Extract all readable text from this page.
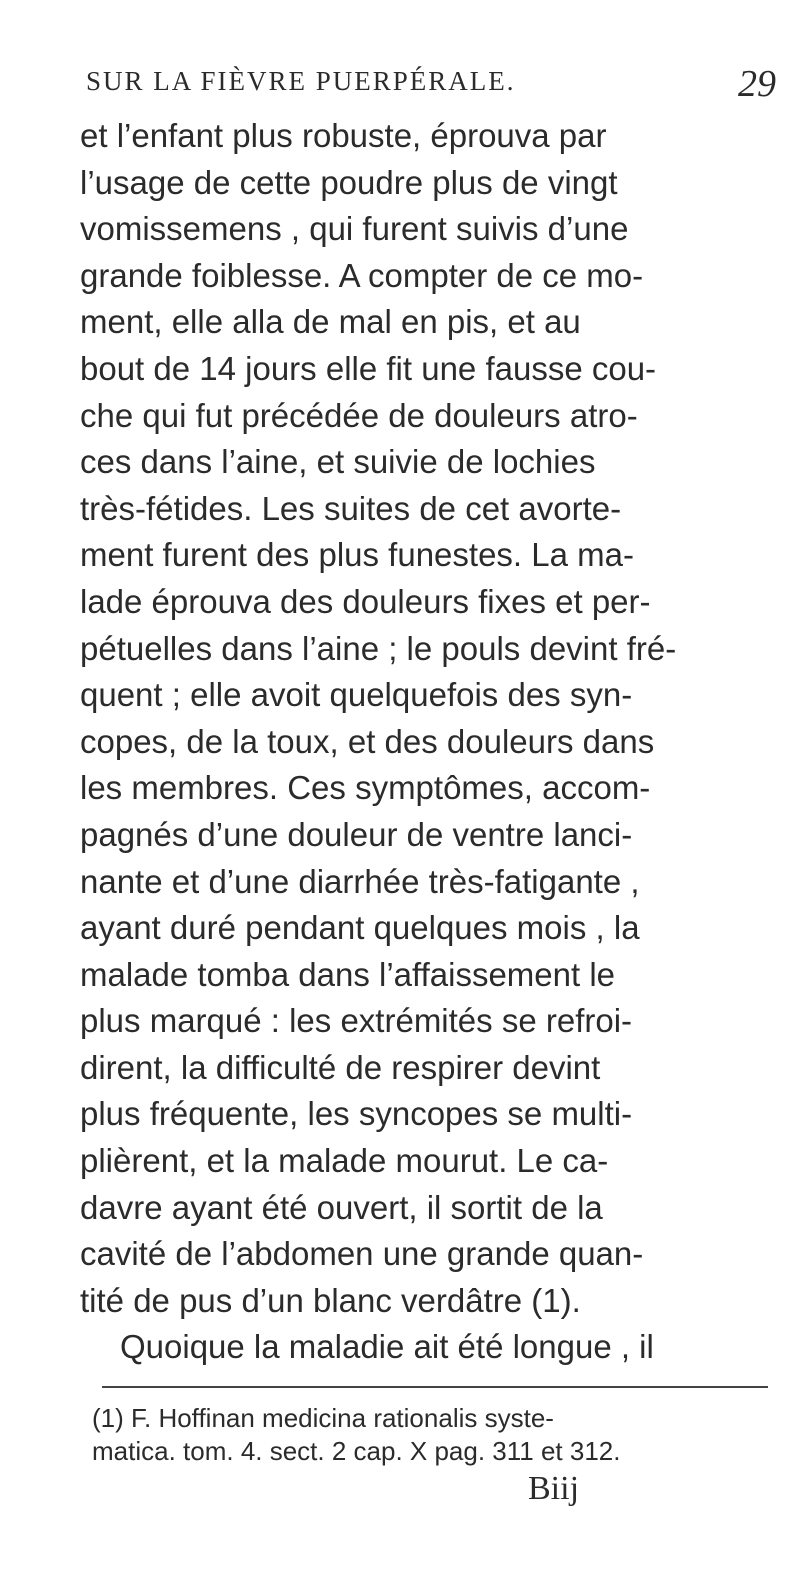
SUR LA FIÈVRE PUERPÉRALE.	29
et l’enfant plus robuste, éprouva par
l’usage de cette poudre plus de vingt
vomissemens , qui furent suivis d’une
grande foiblesse. A compter de ce mo-
ment, elle alla de mal en pis, et au
bout de 14 jours elle fit une fausse cou-
che qui fut précédée de douleurs atro-
ces dans l’aine, et suivie de lochies
très-fétides. Les suites de cet avorte-
ment furent des plus funestes. La ma-
lade éprouva des douleurs fixes et per-
pétuelles dans l’aine ; le pouls devint fré-
quent ; elle avoit quelquefois des syn-
copes, de la toux, et des douleurs dans
les membres. Ces symptômes, accom-
pagnés d’une douleur de ventre lanci-
nante et d’une diarrhée très-fatigante ,
ayant duré pendant quelques mois , la
malade tomba dans l’affaissement le
plus marqué : les extrémités se refroi-
dirent, la difficulté de respirer devint
plus fréquente, les syncopes se multi-
plièrent, et la malade mourut. Le ca-
davre ayant été ouvert, il sortit de la
cavité de l’abdomen une grande quan-
tité de pus d’un blanc verdâtre (1).
Quoique la maladie ait été longue , il
(1) F. Hoffinan medicina rationalis syste-
matica. tom. 4. sect. 2 cap. X pag. 311 et 312.
Biij
